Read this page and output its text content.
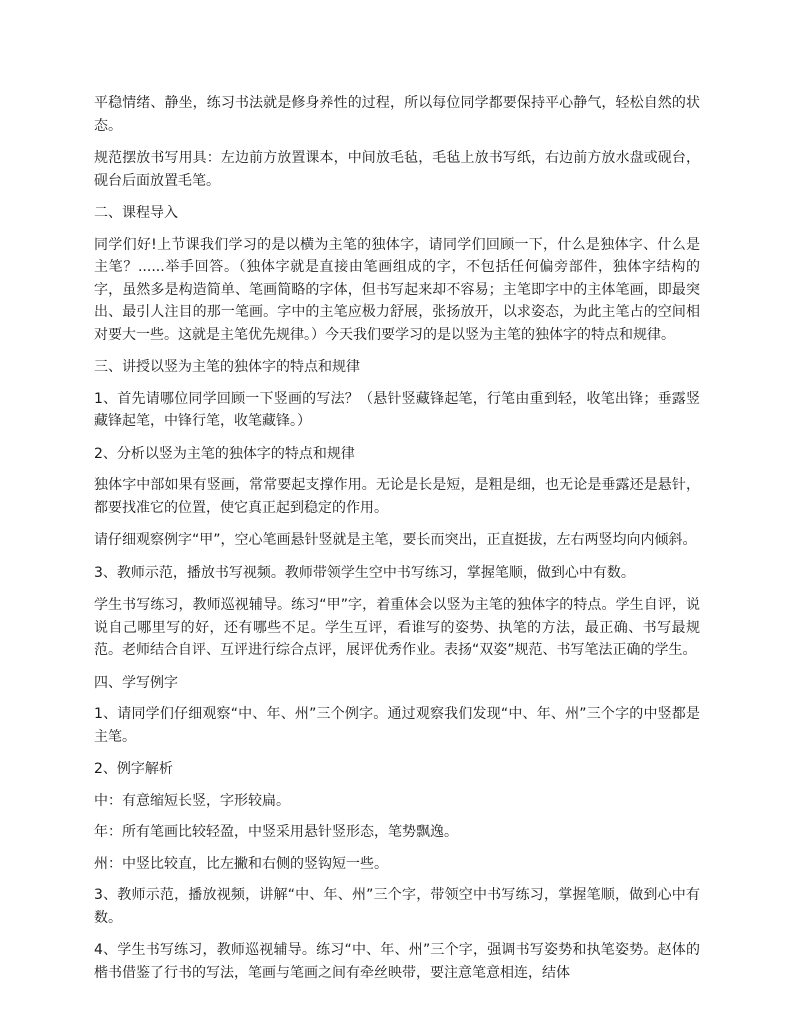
平稳情绪、静坐，练习书法就是修身养性的过程，所以每位同学都要保持平心静气，轻松自然的状态。

规范摆放书写用具：左边前方放置课本，中间放毛毡，毛毡上放书写纸，右边前方放水盘或砚台，砚台后面放置毛笔。

二、课程导入

同学们好!上节课我们学习的是以横为主笔的独体字，请同学们回顾一下，什么是独体字、什么是主笔？......举手回答。（独体字就是直接由笔画组成的字，不包括任何偏旁部件，独体字结构的字，虽然多是构造简单、笔画简略的字体，但书写起来却不容易；主笔即字中的主体笔画，即最突出、最引人注目的那一笔画。字中的主笔应极力舒展，张扬放开，以求姿态，为此主笔占的空间相对要大一些。这就是主笔优先规律。）今天我们要学习的是以竖为主笔的独体字的特点和规律。

三、讲授以竖为主笔的独体字的特点和规律

1、首先请哪位同学回顾一下竖画的写法？（悬针竖藏锋起笔，行笔由重到轻，收笔出锋；垂露竖藏锋起笔，中锋行笔，收笔藏锋。）

2、分析以竖为主笔的独体字的特点和规律

独体字中部如果有竖画，常常要起支撑作用。无论是长是短，是粗是细，也无论是垂露还是悬针，都要找准它的位置，使它真正起到稳定的作用。

请仔细观察例字“甲”，空心笔画悬针竖就是主笔，要长而突出，正直挺拔，左右两竖均向内倾斜。

3、教师示范，播放书写视频。教师带领学生空中书写练习，掌握笔顺，做到心中有数。

学生书写练习，教师巡视辅导。练习“甲”字，着重体会以竖为主笔的独体字的特点。学生自评，说说自己哪里写的好，还有哪些不足。学生互评，看谁写的姿势、执笔的方法，最正确、书写最规范。老师结合自评、互评进行综合点评，展评优秀作业。表扬“双姿”规范、书写笔法正确的学生。

四、学写例字

1、请同学们仔细观察“中、年、州”三个例字。通过观察我们发现“中、年、州”三个字的中竖都是主笔。

2、例字解析

中：有意缩短长竖，字形较扁。

年：所有笔画比较轻盈，中竖采用悬针竖形态，笔势飘逸。

州：中竖比较直，比左撇和右侧的竖钩短一些。

3、教师示范，播放视频，讲解“中、年、州”三个字，带领空中书写练习，掌握笔顺，做到心中有数。

4、学生书写练习，教师巡视辅导。练习“中、年、州”三个字，强调书写姿势和执笔姿势。赵体的楷书借鉴了行书的写法，笔画与笔画之间有牵丝映带，要注意笔意相连，结体
